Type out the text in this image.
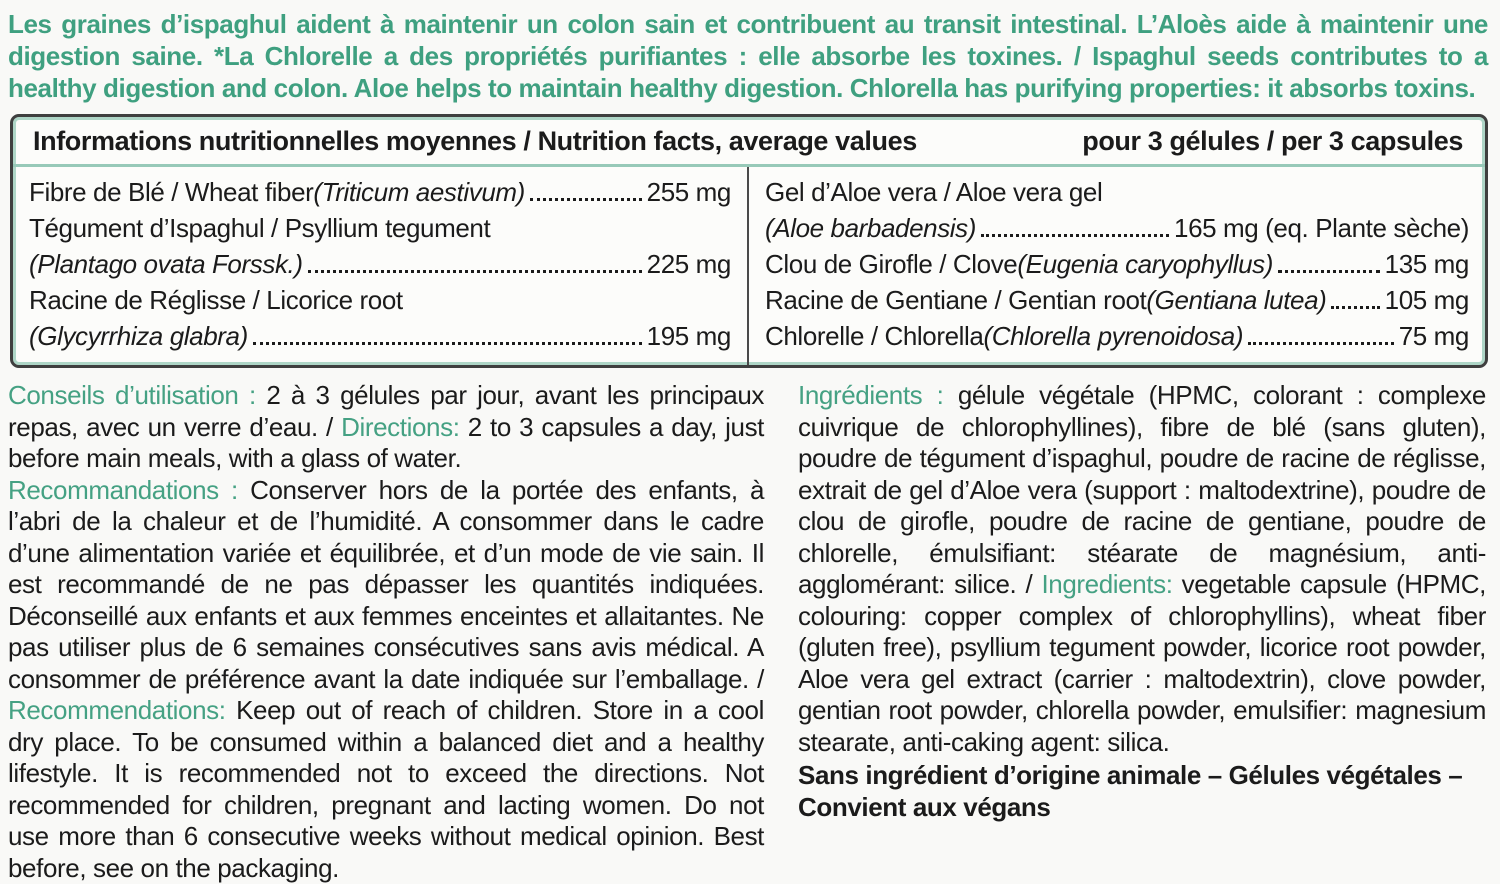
Les graines d’ispaghul aident à maintenir un colon sain et contribuent au transit intestinal. L’Aloès aide à maintenir une digestion saine. *La Chlorelle a des propriétés purifiantes : elle absorbe les toxines. / Ispaghul seeds contributes to a healthy digestion and colon. Aloe helps to maintain healthy digestion. Chlorella has purifying properties: it absorbs toxins.

Informations nutritionnelles moyennes / Nutrition facts, average values	pour 3 gélules / per 3 capsules
Fibre de Blé / Wheat fiber (Triticum aestivum)	255 mg
Tégument d’Ispaghul / Psyllium tegument
(Plantago ovata Forssk.)	225 mg
Racine de Réglisse / Licorice root
(Glycyrrhiza glabra)	195 mg
Gel d’Aloe vera / Aloe vera gel
(Aloe barbadensis)	165 mg (eq. Plante sèche)
Clou de Girofle / Clove (Eugenia caryophyllus)	135 mg
Racine de Gentiane / Gentian root (Gentiana lutea) 105 mg
Chlorelle / Chlorella (Chlorella pyrenoidosa)	75 mg

Conseils d’utilisation : 2 à 3 gélules par jour, avant les principaux repas, avec un verre d’eau. / Directions: 2 to 3 capsules a day, just before main meals, with a glass of water.

Recommandations : Conserver hors de la portée des enfants, à l’abri de la chaleur et de l’humidité. A consommer dans le cadre d’une alimentation variée et équilibrée, et d’un mode de vie sain. Il est recommandé de ne pas dépasser les quantités indiquées. Déconseillé aux enfants et aux femmes enceintes et allaitantes. Ne pas utiliser plus de 6 semaines consécutives sans avis médical. A consommer de préférence avant la date indiquée sur l’emballage. / Recommendations: Keep out of reach of children. Store in a cool dry place. To be consumed within a balanced diet and a healthy lifestyle. It is recommended not to exceed the directions. Not recommended for children, pregnant and lacting women. Do not use more than 6 consecutive weeks without medical opinion. Best before, see on the packaging.

Ingrédients : gélule végétale (HPMC, colorant : complexe cuivrique de chlorophyllines), fibre de blé (sans gluten), poudre de tégument d’ispaghul, poudre de racine de réglisse, extrait de gel d’Aloe vera (support : maltodextrine), poudre de clou de girofle, poudre de racine de gentiane, poudre de chlorelle, émulsifiant: stéarate de magnésium, anti-agglomérant: silice. / Ingredients: vegetable capsule (HPMC, colouring: copper complex of chlorophyllins), wheat fiber (gluten free), psyllium tegument powder, licorice root powder, Aloe vera gel extract (carrier : maltodextrin), clove powder, gentian root powder, chlorella powder, emulsifier: magnesium stearate, anti-caking agent: silica.

Sans ingrédient d’origine animale – Gélules végétales – Convient aux végans
